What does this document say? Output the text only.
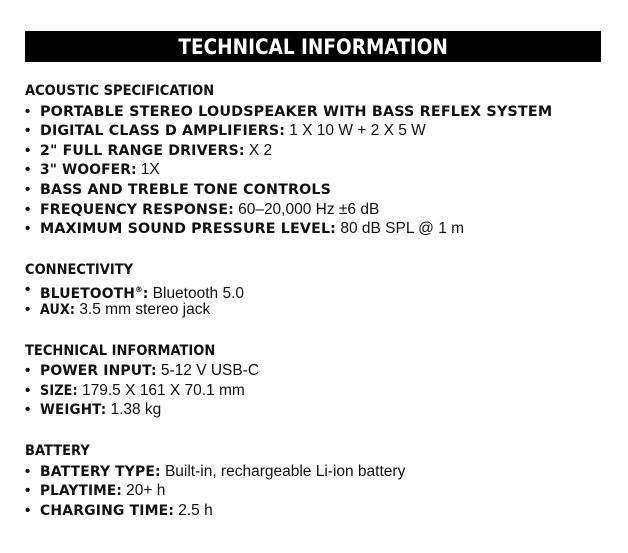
TECHNICAL INFORMATION
ACOUSTIC SPECIFICATION
• PORTABLE STEREO LOUDSPEAKER WITH BASS REFLEX SYSTEM
• DIGITAL CLASS D AMPLIFIERS: 1 X 10 W + 2 X 5 W
• 2" FULL RANGE DRIVERS: X 2
• 3" WOOFER: 1X
• BASS AND TREBLE TONE CONTROLS
• FREQUENCY RESPONSE: 60–20,000 Hz ±6 dB
• MAXIMUM SOUND PRESSURE LEVEL: 80 dB SPL @ 1 m
CONNECTIVITY
• BLUETOOTH®: Bluetooth 5.0
• AUX: 3.5 mm stereo jack
TECHNICAL INFORMATION
• POWER INPUT: 5-12 V USB-C
• SIZE: 179.5 X 161 X 70.1 mm
• WEIGHT: 1.38 kg
BATTERY
• BATTERY TYPE: Built-in, rechargeable Li-ion battery
• PLAYTIME: 20+ h
• CHARGING TIME: 2.5 h
